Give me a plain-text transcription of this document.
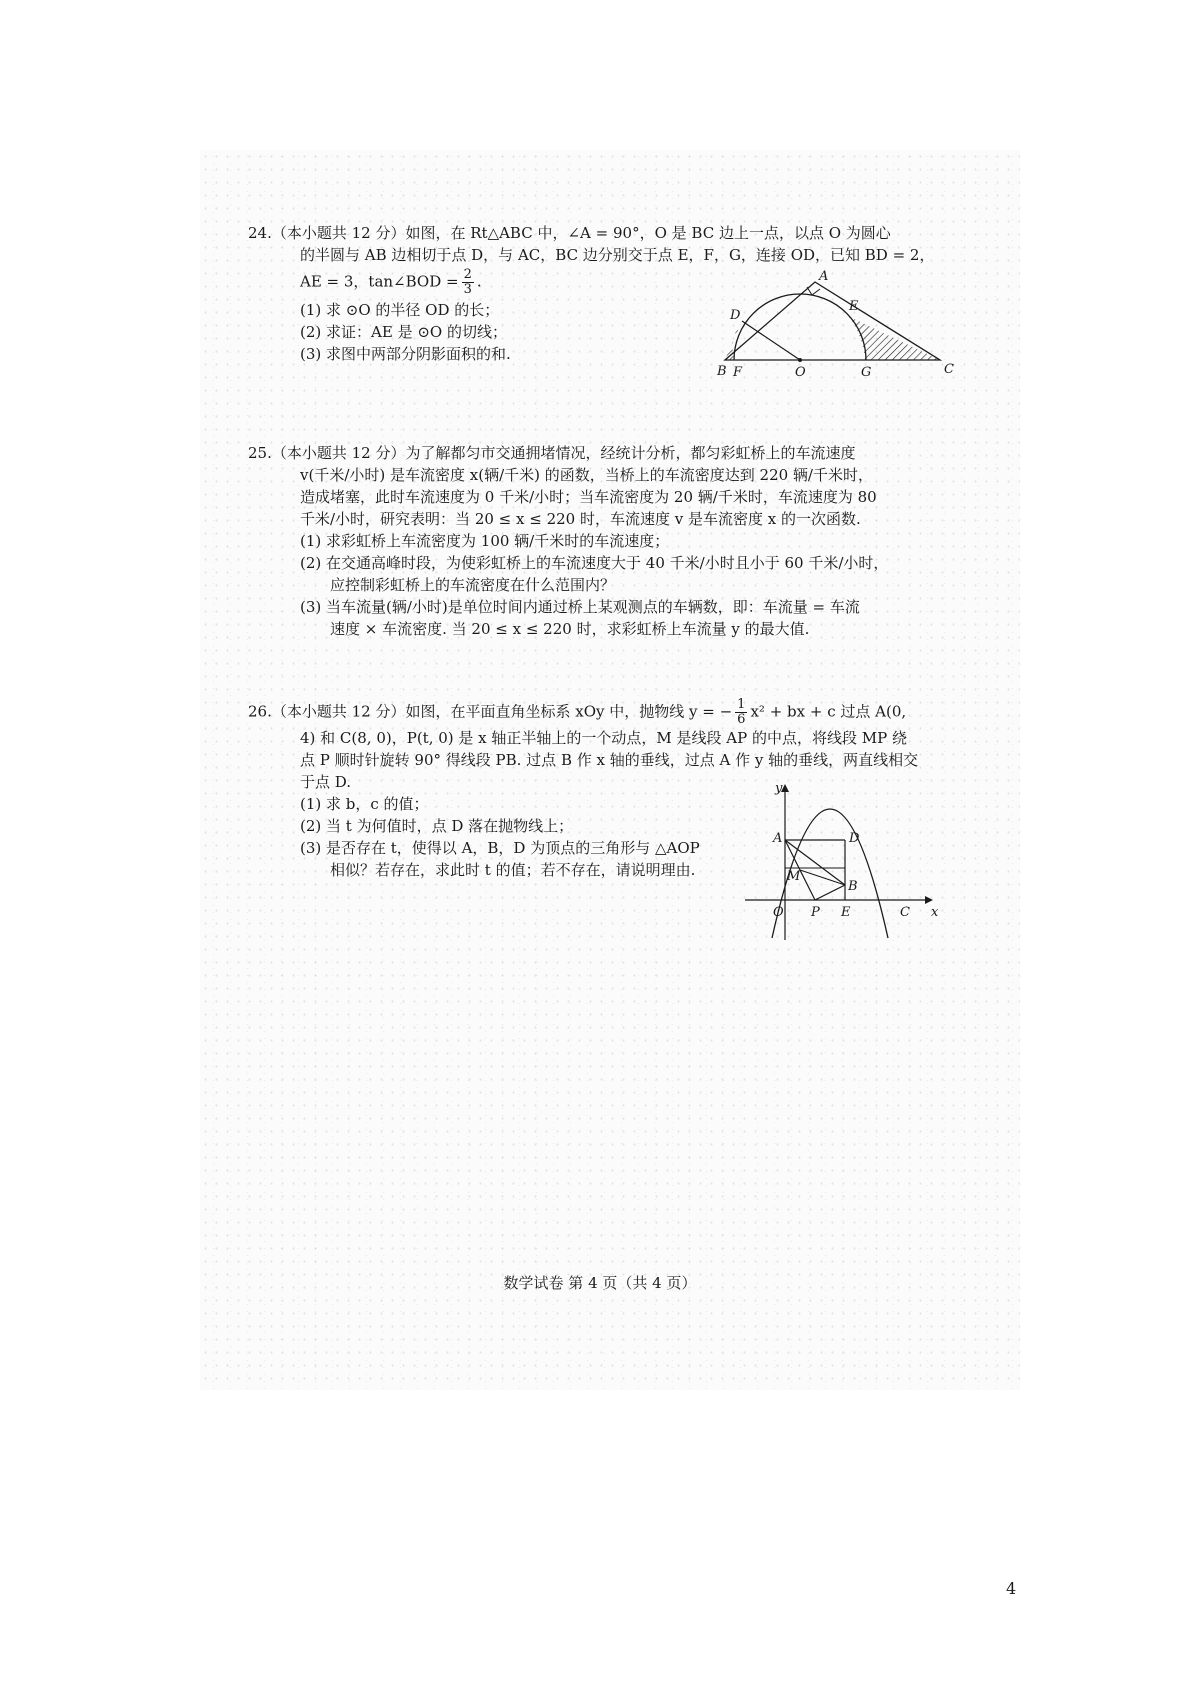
24.（本小题共 12 分）如图，在 Rt△ABC 中，∠A = 90°，O 是 BC 边上一点，以点 O 为圆心

的半圆与 AB 边相切于点 D，与 AC，BC 边分别交于点 E，F，G，连接 OD，已知 BD = 2，

AE = 3，tan∠BOD = $\frac{2}{3}$ .

(1) 求 ⊙O 的半径 OD 的长；

(2) 求证：AE 是 ⊙O 的切线；

(3) 求图中两部分阴影面积的和.

A
B	C
D
E
F	O	G

25.（本小题共 12 分）为了解都匀市交通拥堵情况，经统计分析，都匀彩虹桥上的车流速度

v(千米/小时) 是车流密度 x(辆/千米) 的函数，当桥上的车流密度达到 220 辆/千米时，

造成堵塞，此时车流速度为 0 千米/小时；当车流密度为 20 辆/千米时，车流速度为 80

千米/小时，研究表明：当 20 ≤ x ≤ 220 时，车流速度 v 是车流密度 x 的一次函数.

(1) 求彩虹桥上车流密度为 100 辆/千米时的车流速度；

(2) 在交通高峰时段，为使彩虹桥上的车流速度大于 40 千米/小时且小于 60 千米/小时，

应控制彩虹桥上的车流密度在什么范围内？

(3) 当车流量(辆/小时)是单位时间内通过桥上某观测点的车辆数，即：车流量 = 车流

速度 × 车流密度. 当 20 ≤ x ≤ 220 时，求彩虹桥上车流量 y 的最大值.

26.（本小题共 12 分）如图，在平面直角坐标系 xOy 中，抛物线 y = − $\frac{1}{6} x^2$ + bx + c 过点 A(0,

4) 和 C(8, 0)，P(t, 0) 是 x 轴正半轴上的一个动点，M 是线段 AP 的中点，将线段 MP 绕

点 P 顺时针旋转 90° 得线段 PB. 过点 B 作 x 轴的垂线，过点 A 作 y 轴的垂线，两直线相交

于点 D.

(1) 求 b，c 的值；

(2) 当 t 为何值时，点 D 落在抛物线上；

(3) 是否存在 t，使得以 A，B，D 为顶点的三角形与 △AOP

相似？若存在，求此时 t 的值；若不存在，请说明理由.

y
x
A	D
M
B
O P E	C
数学试卷 第 4 页（共 4 页）
4
